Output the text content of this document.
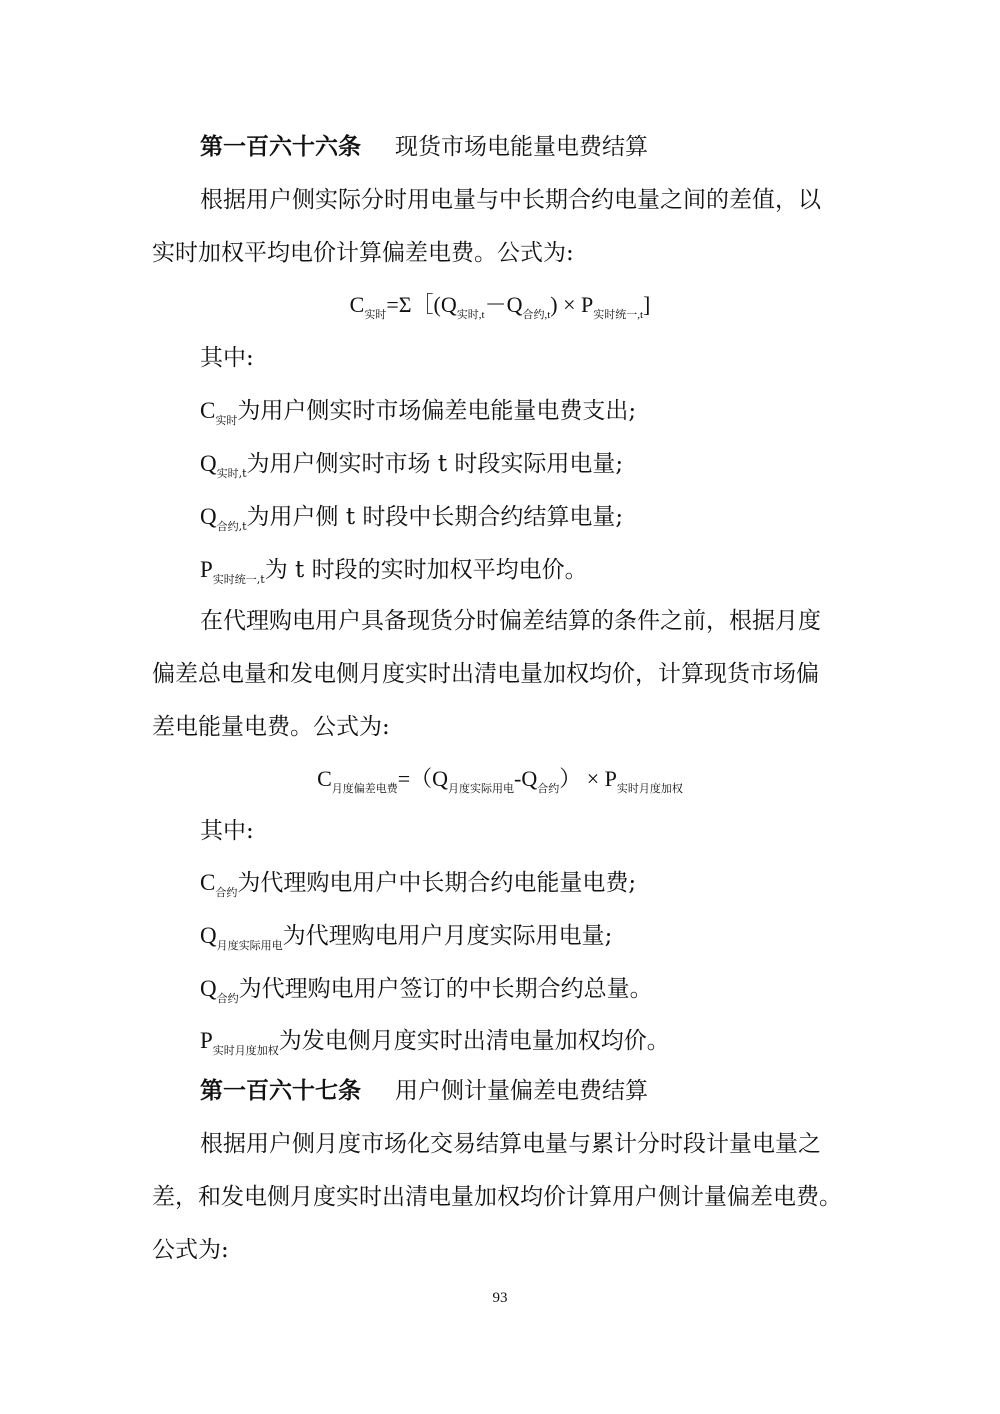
第一百六十六条 现货市场电能量电费结算
根据用户侧实际分时用电量与中长期合约电量之间的差值，以
实时加权平均电价计算偏差电费。公式为:
$C_{实时}=\Sigma[(Q_{实时,t}-Q_{合约,t}) \times P_{实时统一,t}$]
其中:
$C_{实时}$为用户侧实时市场偏差电能量电费支出;
$Q_{实时,t}$为用户侧实时市场 t 时段实际用电量;
$Q_{合约,t}$为用户侧 t 时段中长期合约结算电量;
$P_{实时统一,t}$为 t 时段的实时加权平均电价。
在代理购电用户具备现货分时偏差结算的条件之前，根据月度
偏差总电量和发电侧月度实时出清电量加权均价，计算现货市场偏
差电能量电费。公式为:
$C_{月度偏差电费}=(Q_{月度实际用电}-Q_{合约}) \times P_{实时月度加权}$
其中:
$C_{合约}$为代理购电用户中长期合约电能量电费;
$Q_{月度实际用电}$为代理购电用户月度实际用电量;
$Q_{合约}$为代理购电用户签订的中长期合约总量。
$P_{实时月度加权}$为发电侧月度实时出清电量加权均价。
第一百六十七条 用户侧计量偏差电费结算
根据用户侧月度市场化交易结算电量与累计分时段计量电量之
差，和发电侧月度实时出清电量加权均价计算用户侧计量偏差电费。
公式为:
93
